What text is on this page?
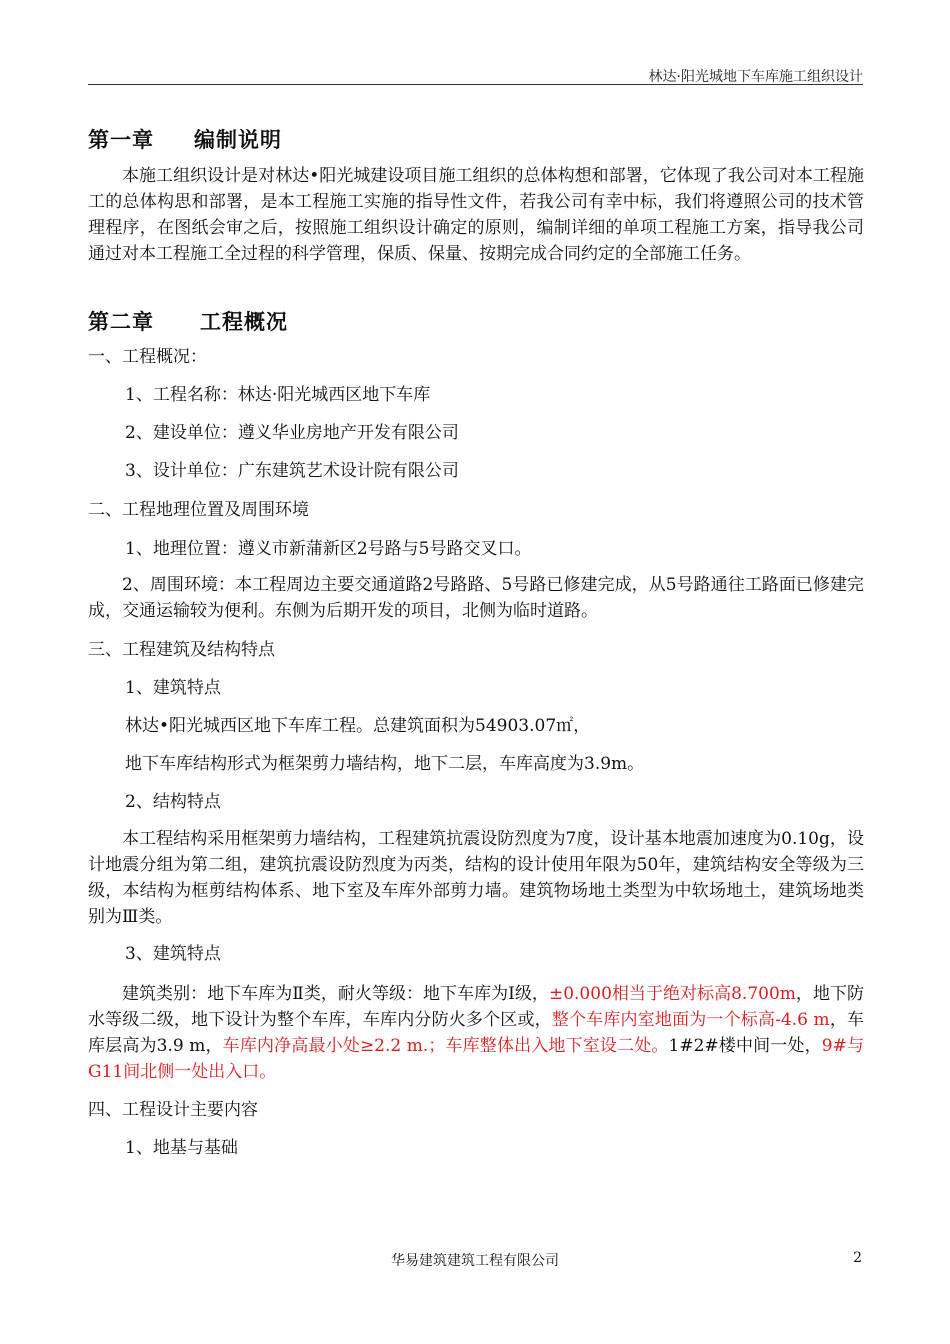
林达·阳光城地下车库施工组织设计
第一章 编制说明

本施工组织设计是对林达•阳光城建设项目施工组织的总体构想和部署，它体现了我公司对本工程施工的总体构思和部署，是本工程施工实施的指导性文件，若我公司有幸中标，我们将遵照公司的技术管理程序，在图纸会审之后，按照施工组织设计确定的原则，编制详细的单项工程施工方案，指导我公司通过对本工程施工全过程的科学管理，保质、保量、按期完成合同约定的全部施工任务。

第二章 工程概况
一、工程概况：
1、工程名称：林达·阳光城西区地下车库
2、建设单位：遵义华业房地产开发有限公司
3、设计单位：广东建筑艺术设计院有限公司
二、工程地理位置及周围环境
1、地理位置：遵义市新蒲新区2号路与5号路交叉口。

2、周围环境：本工程周边主要交通道路2号路路、5号路已修建完成，从5号路通往工路面已修建完成，交通运输较为便利。东侧为后期开发的项目，北侧为临时道路。

三、工程建筑及结构特点
1、建筑特点
林达•阳光城西区地下车库工程。总建筑面积为54903.07㎡，
地下车库结构形式为框架剪力墙结构，地下二层，车库高度为3.9m。
2、结构特点

本工程结构采用框架剪力墙结构，工程建筑抗震设防烈度为7度，设计基本地震加速度为0.10g，设计地震分组为第二组，建筑抗震设防烈度为丙类，结构的设计使用年限为50年，建筑结构安全等级为三级，本结构为框剪结构体系、地下室及车库外部剪力墙。建筑物场地土类型为中软场地土，建筑场地类别为Ⅲ类。

3、建筑特点

建筑类别：地下车库为Ⅱ类，耐火等级：地下车库为Ⅰ级，±0.000相当于绝对标高8.700m，地下防水等级二级，地下设计为整个车库，车库内分防火多个区或，整个车库内室地面为一个标高-4.6 m，车库层高为3.9 m，车库内净高最小处≥2.2 m.；车库整体出入地下室设二处。1#2#楼中间一处，9#与G11间北侧一处出入口。

四、工程设计主要内容
1、地基与基础
华易建筑建筑工程有限公司	2
